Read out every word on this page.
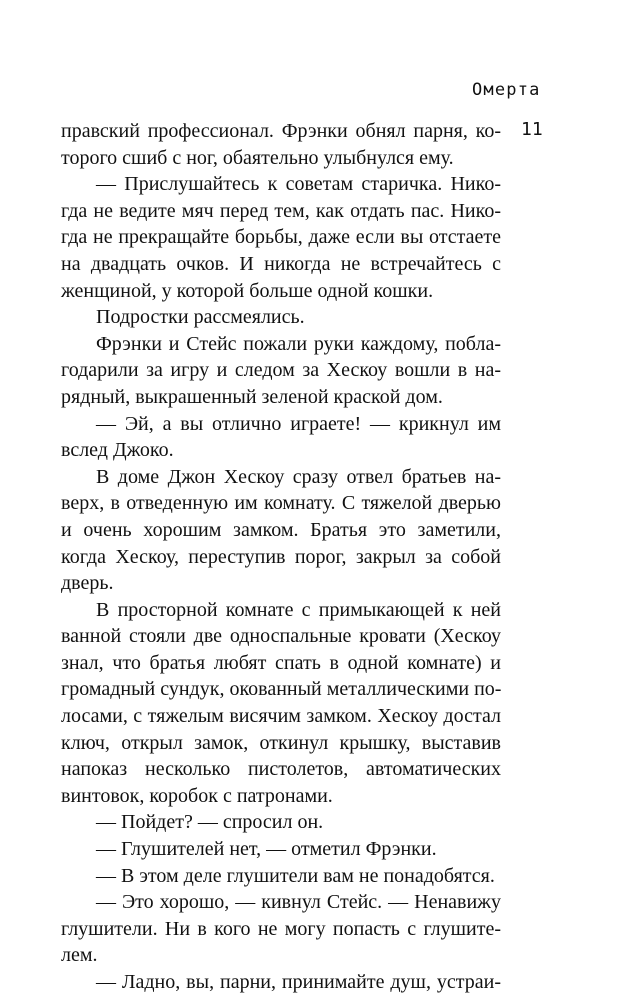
Омерта
11
правский профессионал. Фрэнки обнял парня, ко-
торого сшиб с ног, обаятельно улыбнулся ему.
— Прислушайтесь к советам старичка. Нико-
гда не ведите мяч перед тем, как отдать пас. Нико-
гда не прекращайте борьбы, даже если вы отстаете
на двадцать очков. И никогда не встречайтесь с
женщиной, у которой больше одной кошки.
Подростки рассмеялись.
Фрэнки и Стейс пожали руки каждому, побла-
годарили за игру и следом за Хескоу вошли в на-
рядный, выкрашенный зеленой краской дом.
— Эй, а вы отлично играете! — крикнул им
вслед Джоко.
В доме Джон Хескоу сразу отвел братьев на-
верх, в отведенную им комнату. С тяжелой дверью
и очень хорошим замком. Братья это заметили,
когда Хескоу, переступив порог, закрыл за собой
дверь.
В просторной комнате с примыкающей к ней
ванной стояли две односпальные кровати (Хескоу
знал, что братья любят спать в одной комнате) и
громадный сундук, окованный металлическими по-
лосами, с тяжелым висячим замком. Хескоу достал
ключ, открыл замок, откинул крышку, выставив
напоказ несколько пистолетов, автоматических
винтовок, коробок с патронами.
— Пойдет? — спросил он.
— Глушителей нет, — отметил Фрэнки.
— В этом деле глушители вам не понадобятся.
— Это хорошо, — кивнул Стейс. — Ненавижу
глушители. Ни в кого не могу попасть с глушите-
лем.
— Ладно, вы, парни, принимайте душ, устраи-
